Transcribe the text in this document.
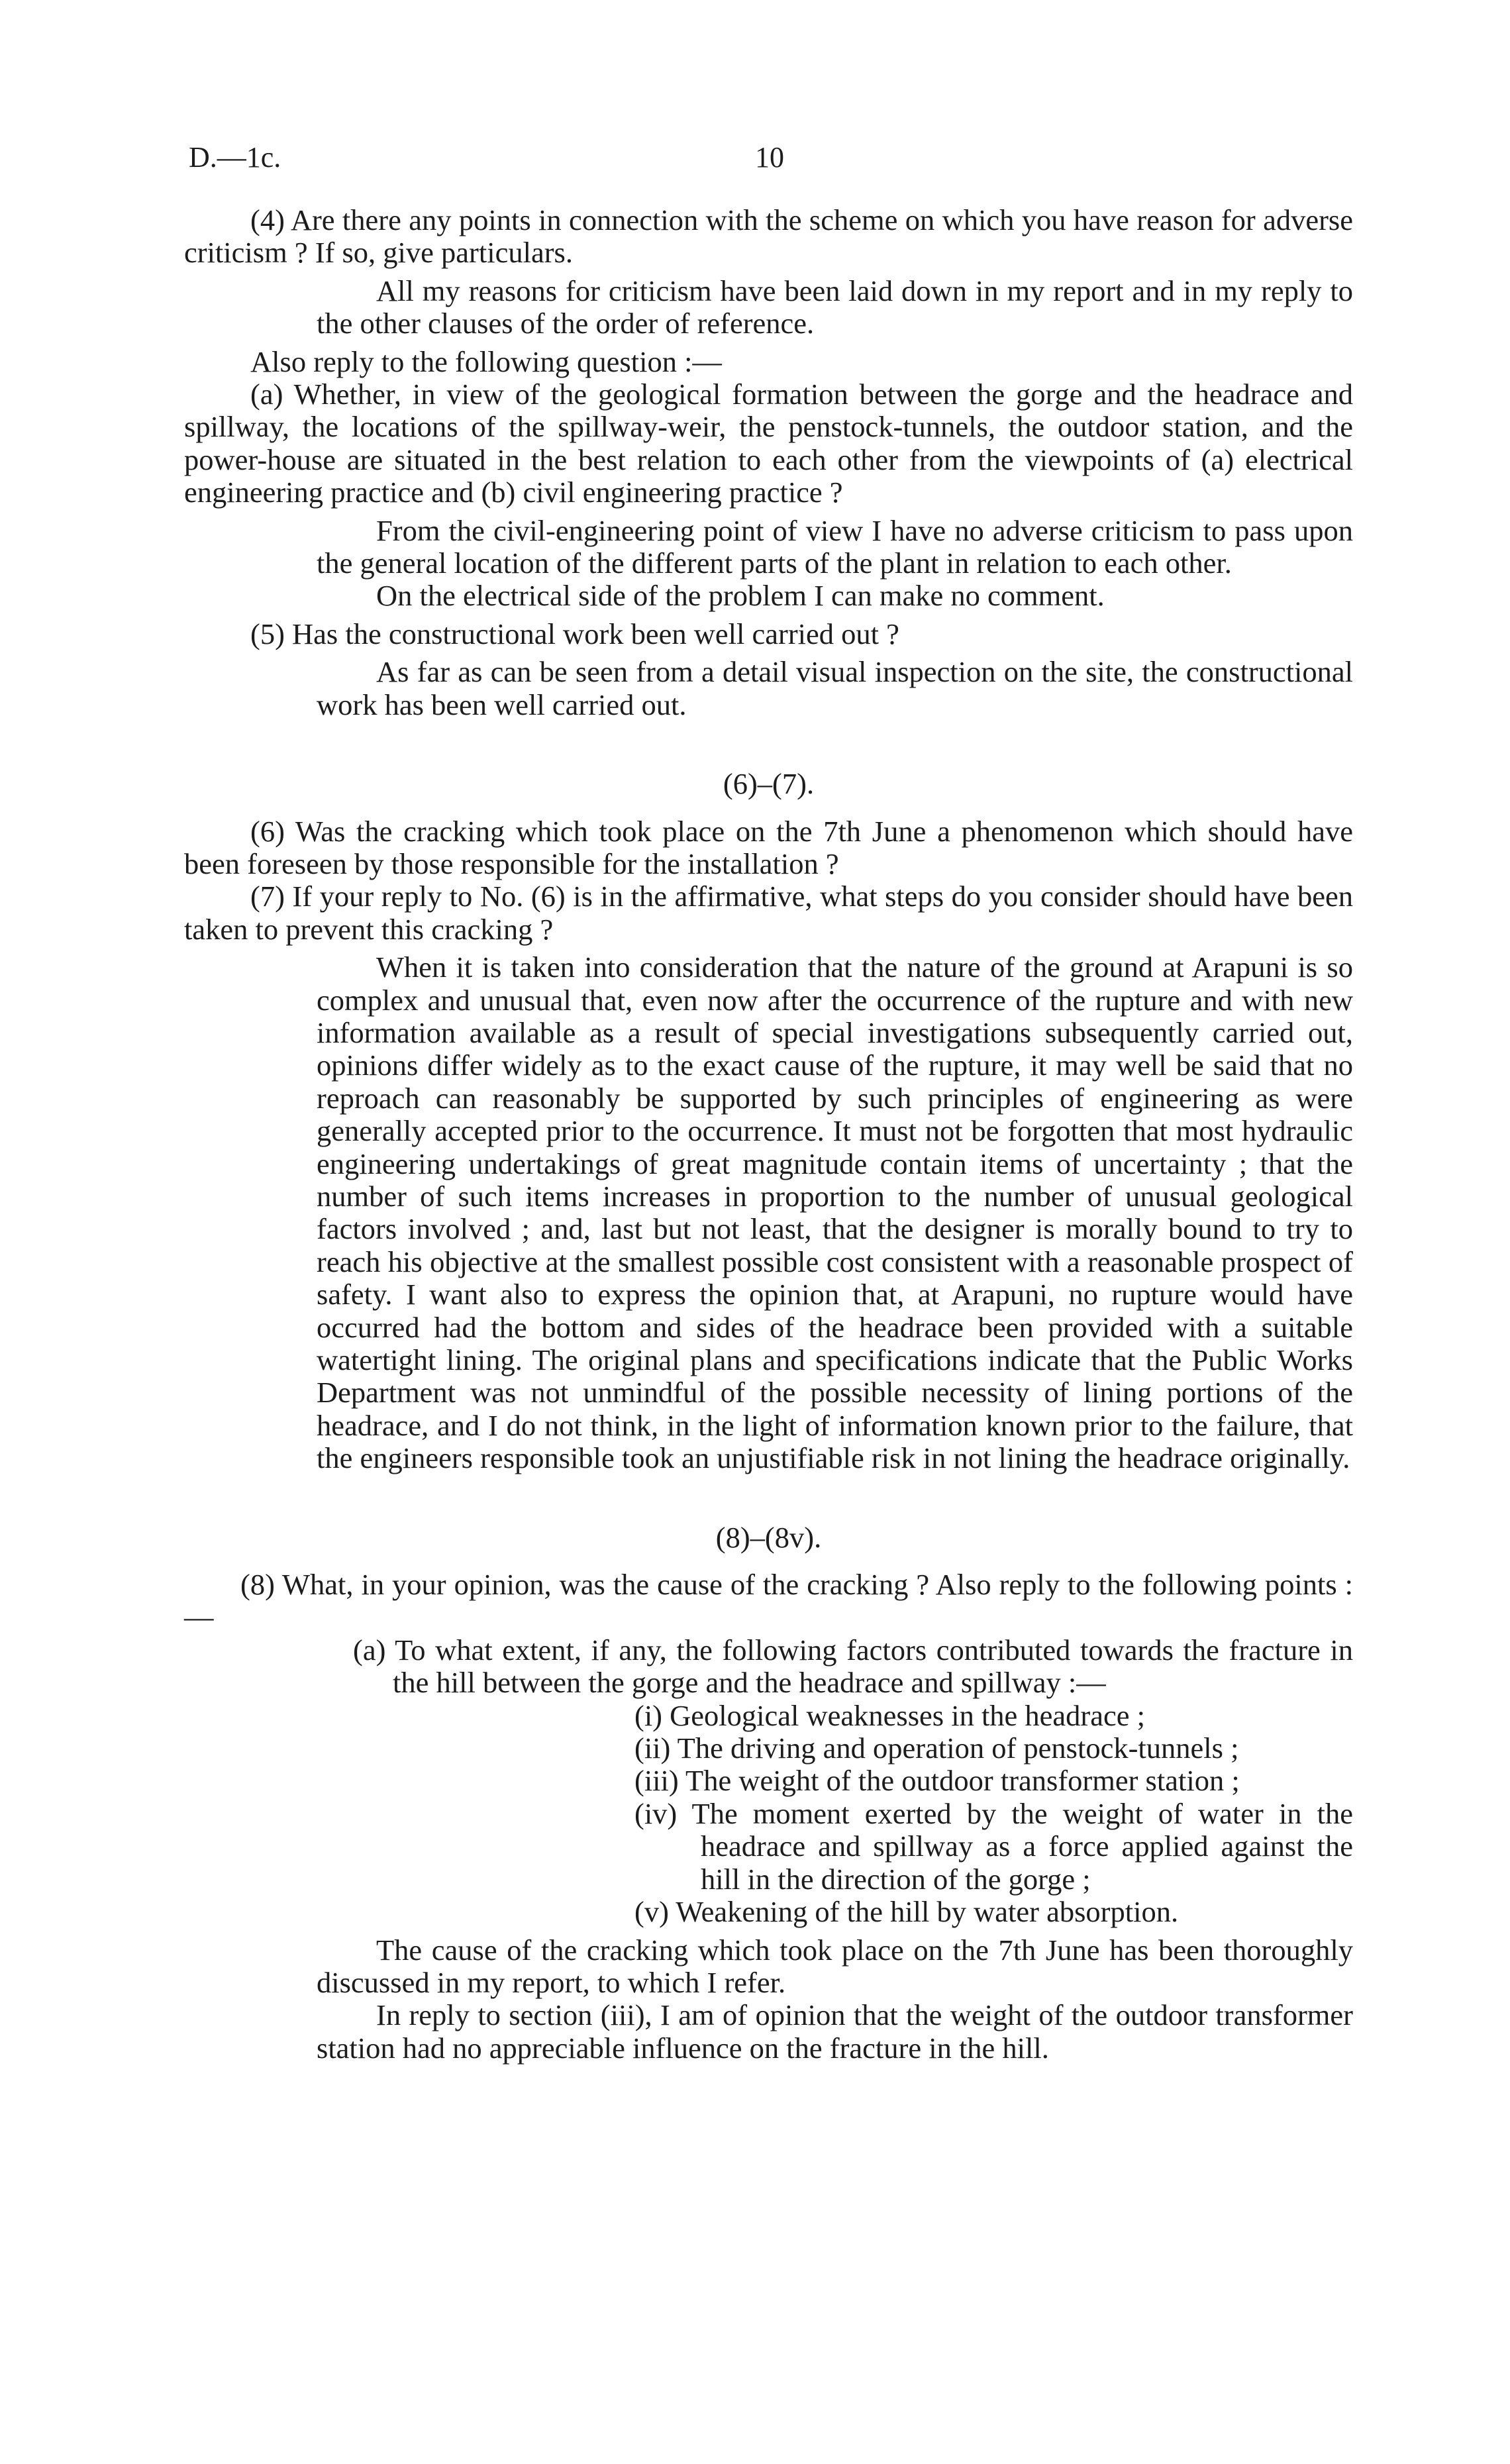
D.—1c.	10

(4) Are there any points in connection with the scheme on which you have reason for adverse criticism ? If so, give particulars.

All my reasons for criticism have been laid down in my report and in my reply to the other clauses of the order of reference.

Also reply to the following question :—

(a) Whether, in view of the geological formation between the gorge and the headrace and spillway, the locations of the spillway-weir, the penstock-tunnels, the outdoor station, and the power-house are situated in the best relation to each other from the viewpoints of (a) electrical engineering practice and (b) civil engineering practice ?

From the civil-engineering point of view I have no adverse criticism to pass upon the general location of the different parts of the plant in relation to each other.

On the electrical side of the problem I can make no comment.

(5) Has the constructional work been well carried out ?

As far as can be seen from a detail visual inspection on the site, the constructional work has been well carried out.

(6)–(7).

(6) Was the cracking which took place on the 7th June a phenomenon which should have been foreseen by those responsible for the installation ?

(7) If your reply to No. (6) is in the affirmative, what steps do you consider should have been taken to prevent this cracking ?

When it is taken into consideration that the nature of the ground at Arapuni is so complex and unusual that, even now after the occurrence of the rupture and with new information available as a result of special investigations subsequently carried out, opinions differ widely as to the exact cause of the rupture, it may well be said that no reproach can reasonably be supported by such principles of engineering as were generally accepted prior to the occurrence. It must not be forgotten that most hydraulic engineering undertakings of great magnitude contain items of uncertainty ; that the number of such items increases in proportion to the number of unusual geological factors involved ; and, last but not least, that the designer is morally bound to try to reach his objective at the smallest possible cost consistent with a reasonable prospect of safety. I want also to express the opinion that, at Arapuni, no rupture would have occurred had the bottom and sides of the headrace been provided with a suitable watertight lining. The original plans and specifications indicate that the Public Works Department was not unmindful of the possible necessity of lining portions of the headrace, and I do not think, in the light of information known prior to the failure, that the engineers responsible took an unjustifiable risk in not lining the headrace originally.

(8)–(8v).

(8) What, in your opinion, was the cause of the cracking ? Also reply to the following points :—

(a) To what extent, if any, the following factors contributed towards the fracture in the hill between the gorge and the headrace and spillway :—

(i) Geological weaknesses in the headrace ;

(ii) The driving and operation of penstock-tunnels ;

(iii) The weight of the outdoor transformer station ;

(iv) The moment exerted by the weight of water in the headrace and spillway as a force applied against the hill in the direction of the gorge ;

(v) Weakening of the hill by water absorption.

The cause of the cracking which took place on the 7th June has been thoroughly discussed in my report, to which I refer.

In reply to section (iii), I am of opinion that the weight of the outdoor transformer station had no appreciable influence on the fracture in the hill.
